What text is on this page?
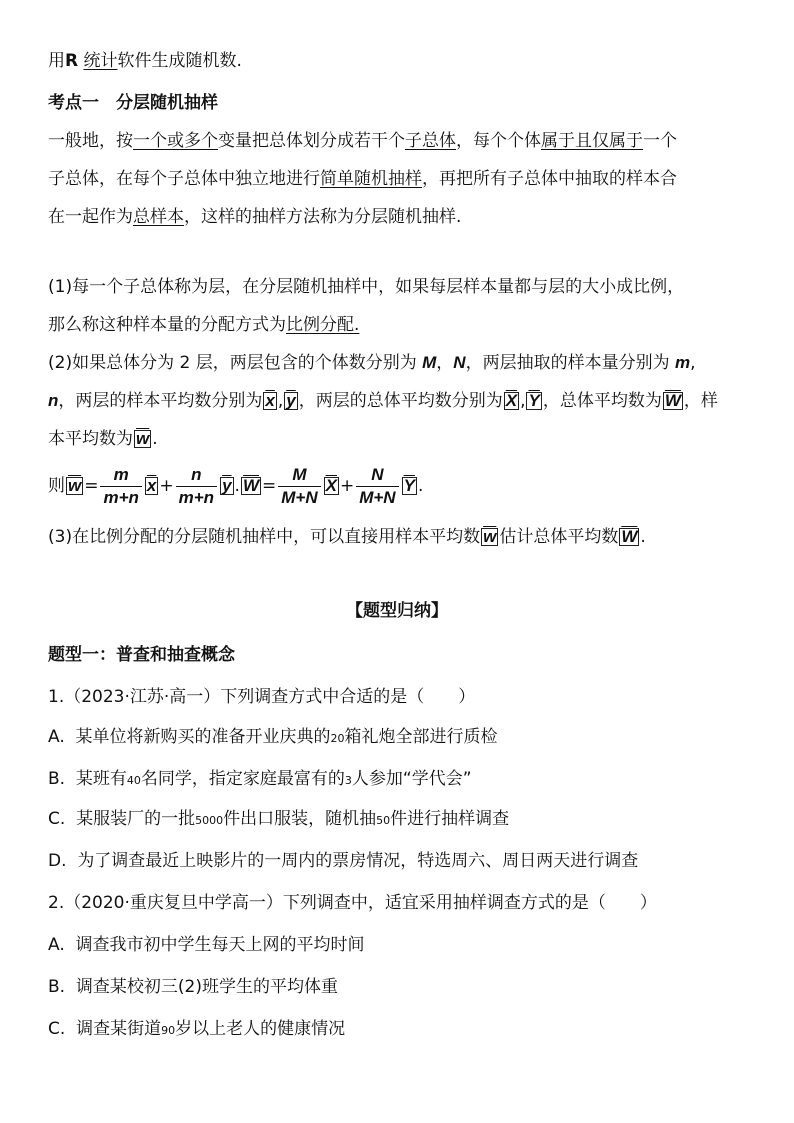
用R 统计软件生成随机数.
考点一　分层随机抽样
一般地，按一个或多个变量把总体划分成若干个子总体，每个个体属于且仅属于一个
子总体，在每个子总体中独立地进行简单随机抽样，再把所有子总体中抽取的样本合
在一起作为总样本，这样的抽样方法称为分层随机抽样.
(1)每一个子总体称为层，在分层随机抽样中，如果每层样本量都与层的大小成比例，
那么称这种样本量的分配方式为比例分配.
(2)如果总体分为 2 层，两层包含的个体数分别为 M，N，两层抽取的样本量分别为 m,
n，两层的样本平均数分别为 $\overline{x}$ , $\overline{y}$ ，两层的总体平均数分别为 $\overline{X}$ , $\overline{Y}$ ，总体平均数为 $\overline{W}$ ，样
本平均数为 $\overline{w}$ .
则 $\overline{w} = \frac{m}{m+n} \overline{x} + \frac{n}{m+n} \overline{y}$ . $\overline{W} = \frac{M}{M+N} \overline{X} + \frac{N}{M+N} \overline{Y}$ .
(3)在比例分配的分层随机抽样中，可以直接用样本平均数 $\overline{w}$ 估计总体平均数 $\overline{W}$ .
【题型归纳】
题型一：普查和抽查概念
1.（2023·江苏·高一）下列调查方式中合适的是（　　）
A. 某单位将新购买的准备开业庆典的20箱礼炮全部进行质检
B. 某班有40名同学，指定家庭最富有的3人参加“学代会”
C. 某服装厂的一批5000件出口服装，随机抽50件进行抽样调查
D. 为了调查最近上映影片的一周内的票房情况，特选周六、周日两天进行调查
2.（2020·重庆复旦中学高一）下列调查中，适宜采用抽样调查方式的是（　　）
A. 调查我市初中学生每天上网的平均时间
B. 调查某校初三(2)班学生的平均体重
C. 调查某街道90岁以上老人的健康情况
